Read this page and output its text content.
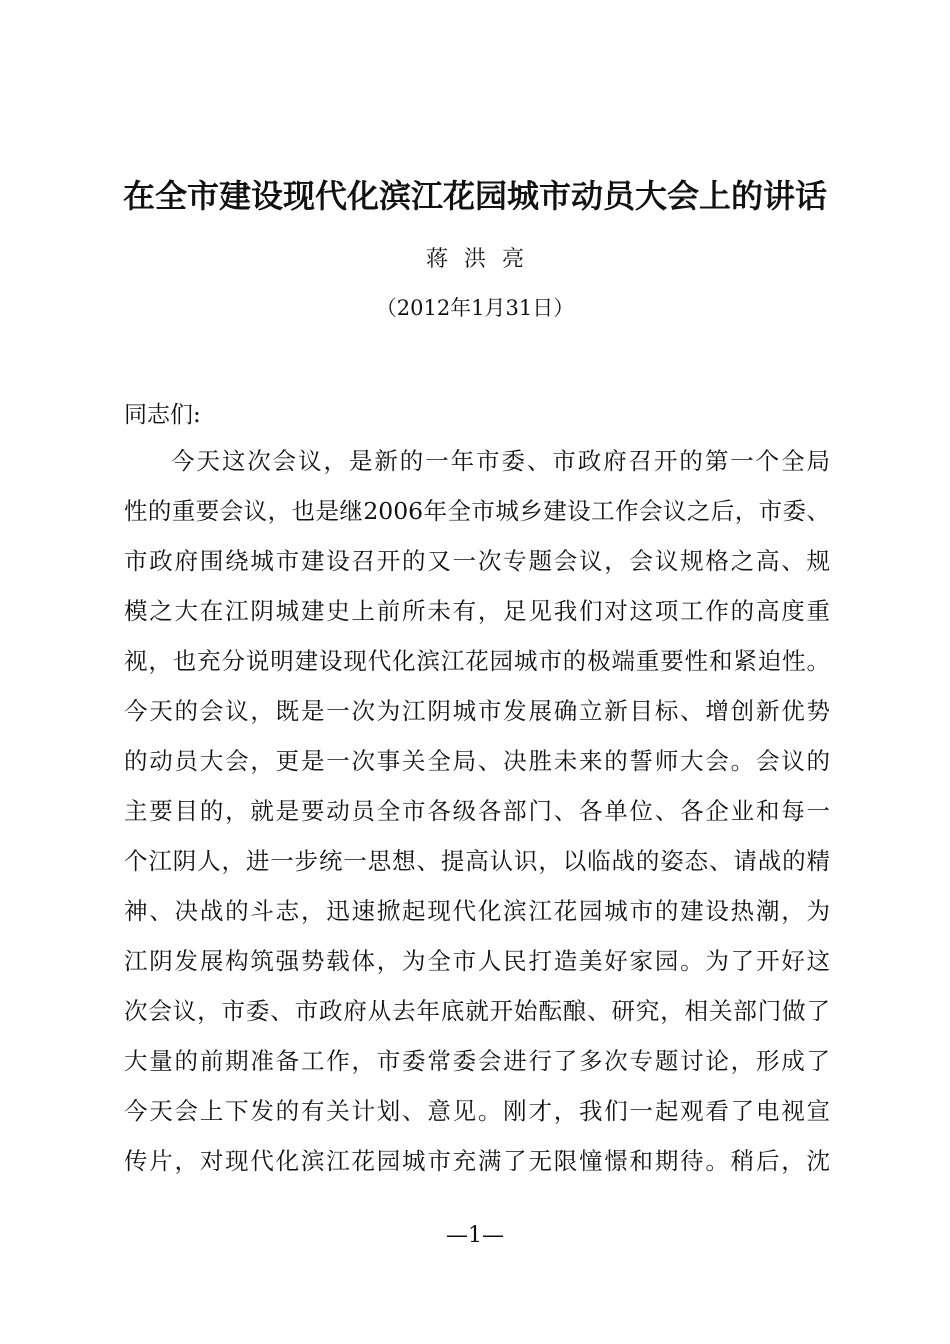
在全市建设现代化滨江花园城市动员大会上的讲话
蒋洪亮
（2012年1月31日）
同志们:
今天这次会议，是新的一年市委、市政府召开的第一个全局
性的重要会议，也是继2006年全市城乡建设工作会议之后，市委、
市政府围绕城市建设召开的又一次专题会议，会议规格之高、规
模之大在江阴城建史上前所未有，足见我们对这项工作的高度重
视，也充分说明建设现代化滨江花园城市的极端重要性和紧迫性。
今天的会议，既是一次为江阴城市发展确立新目标、增创新优势
的动员大会，更是一次事关全局、决胜未来的誓师大会。会议的
主要目的，就是要动员全市各级各部门、各单位、各企业和每一
个江阴人，进一步统一思想、提高认识，以临战的姿态、请战的精
神、决战的斗志，迅速掀起现代化滨江花园城市的建设热潮，为
江阴发展构筑强势载体，为全市人民打造美好家园。为了开好这
次会议，市委、市政府从去年底就开始酝酿、研究，相关部门做了
大量的前期准备工作，市委常委会进行了多次专题讨论，形成了
今天会上下发的有关计划、意见。刚才，我们一起观看了电视宣
传片，对现代化滨江花园城市充满了无限憧憬和期待。稍后，沈
—1—
